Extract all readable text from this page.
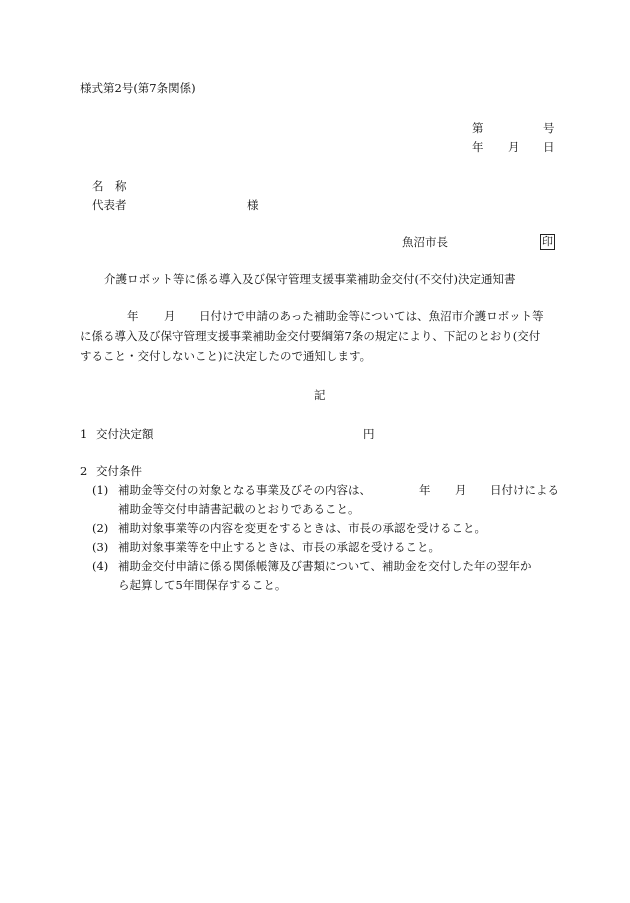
様式第2号(第7条関係)
第	号
年 月 日
名　称
代表者	様
魚沼市長	印
介護ロボット等に係る導入及び保守管理支援事業補助金交付(不交付)決定通知書
年 月 日付けで申請のあった補助金等については、魚沼市介護ロボット等
に係る導入及び保守管理支援事業補助金交付要綱第7条の規定により、下記のとおり(交付
すること・交付しないこと)に決定したので通知します。
記
1 交付決定額	円
2 交付条件
(1) 補助金等交付の対象となる事業及びその内容は、	年 月 日付けによる
補助金等交付申請書記載のとおりであること。
(2) 補助対象事業等の内容を変更をするときは、市長の承認を受けること。
(3) 補助対象事業等を中止するときは、市長の承認を受けること。
(4) 補助金交付申請に係る関係帳簿及び書類について、補助金を交付した年の翌年か
ら起算して5年間保存すること。
